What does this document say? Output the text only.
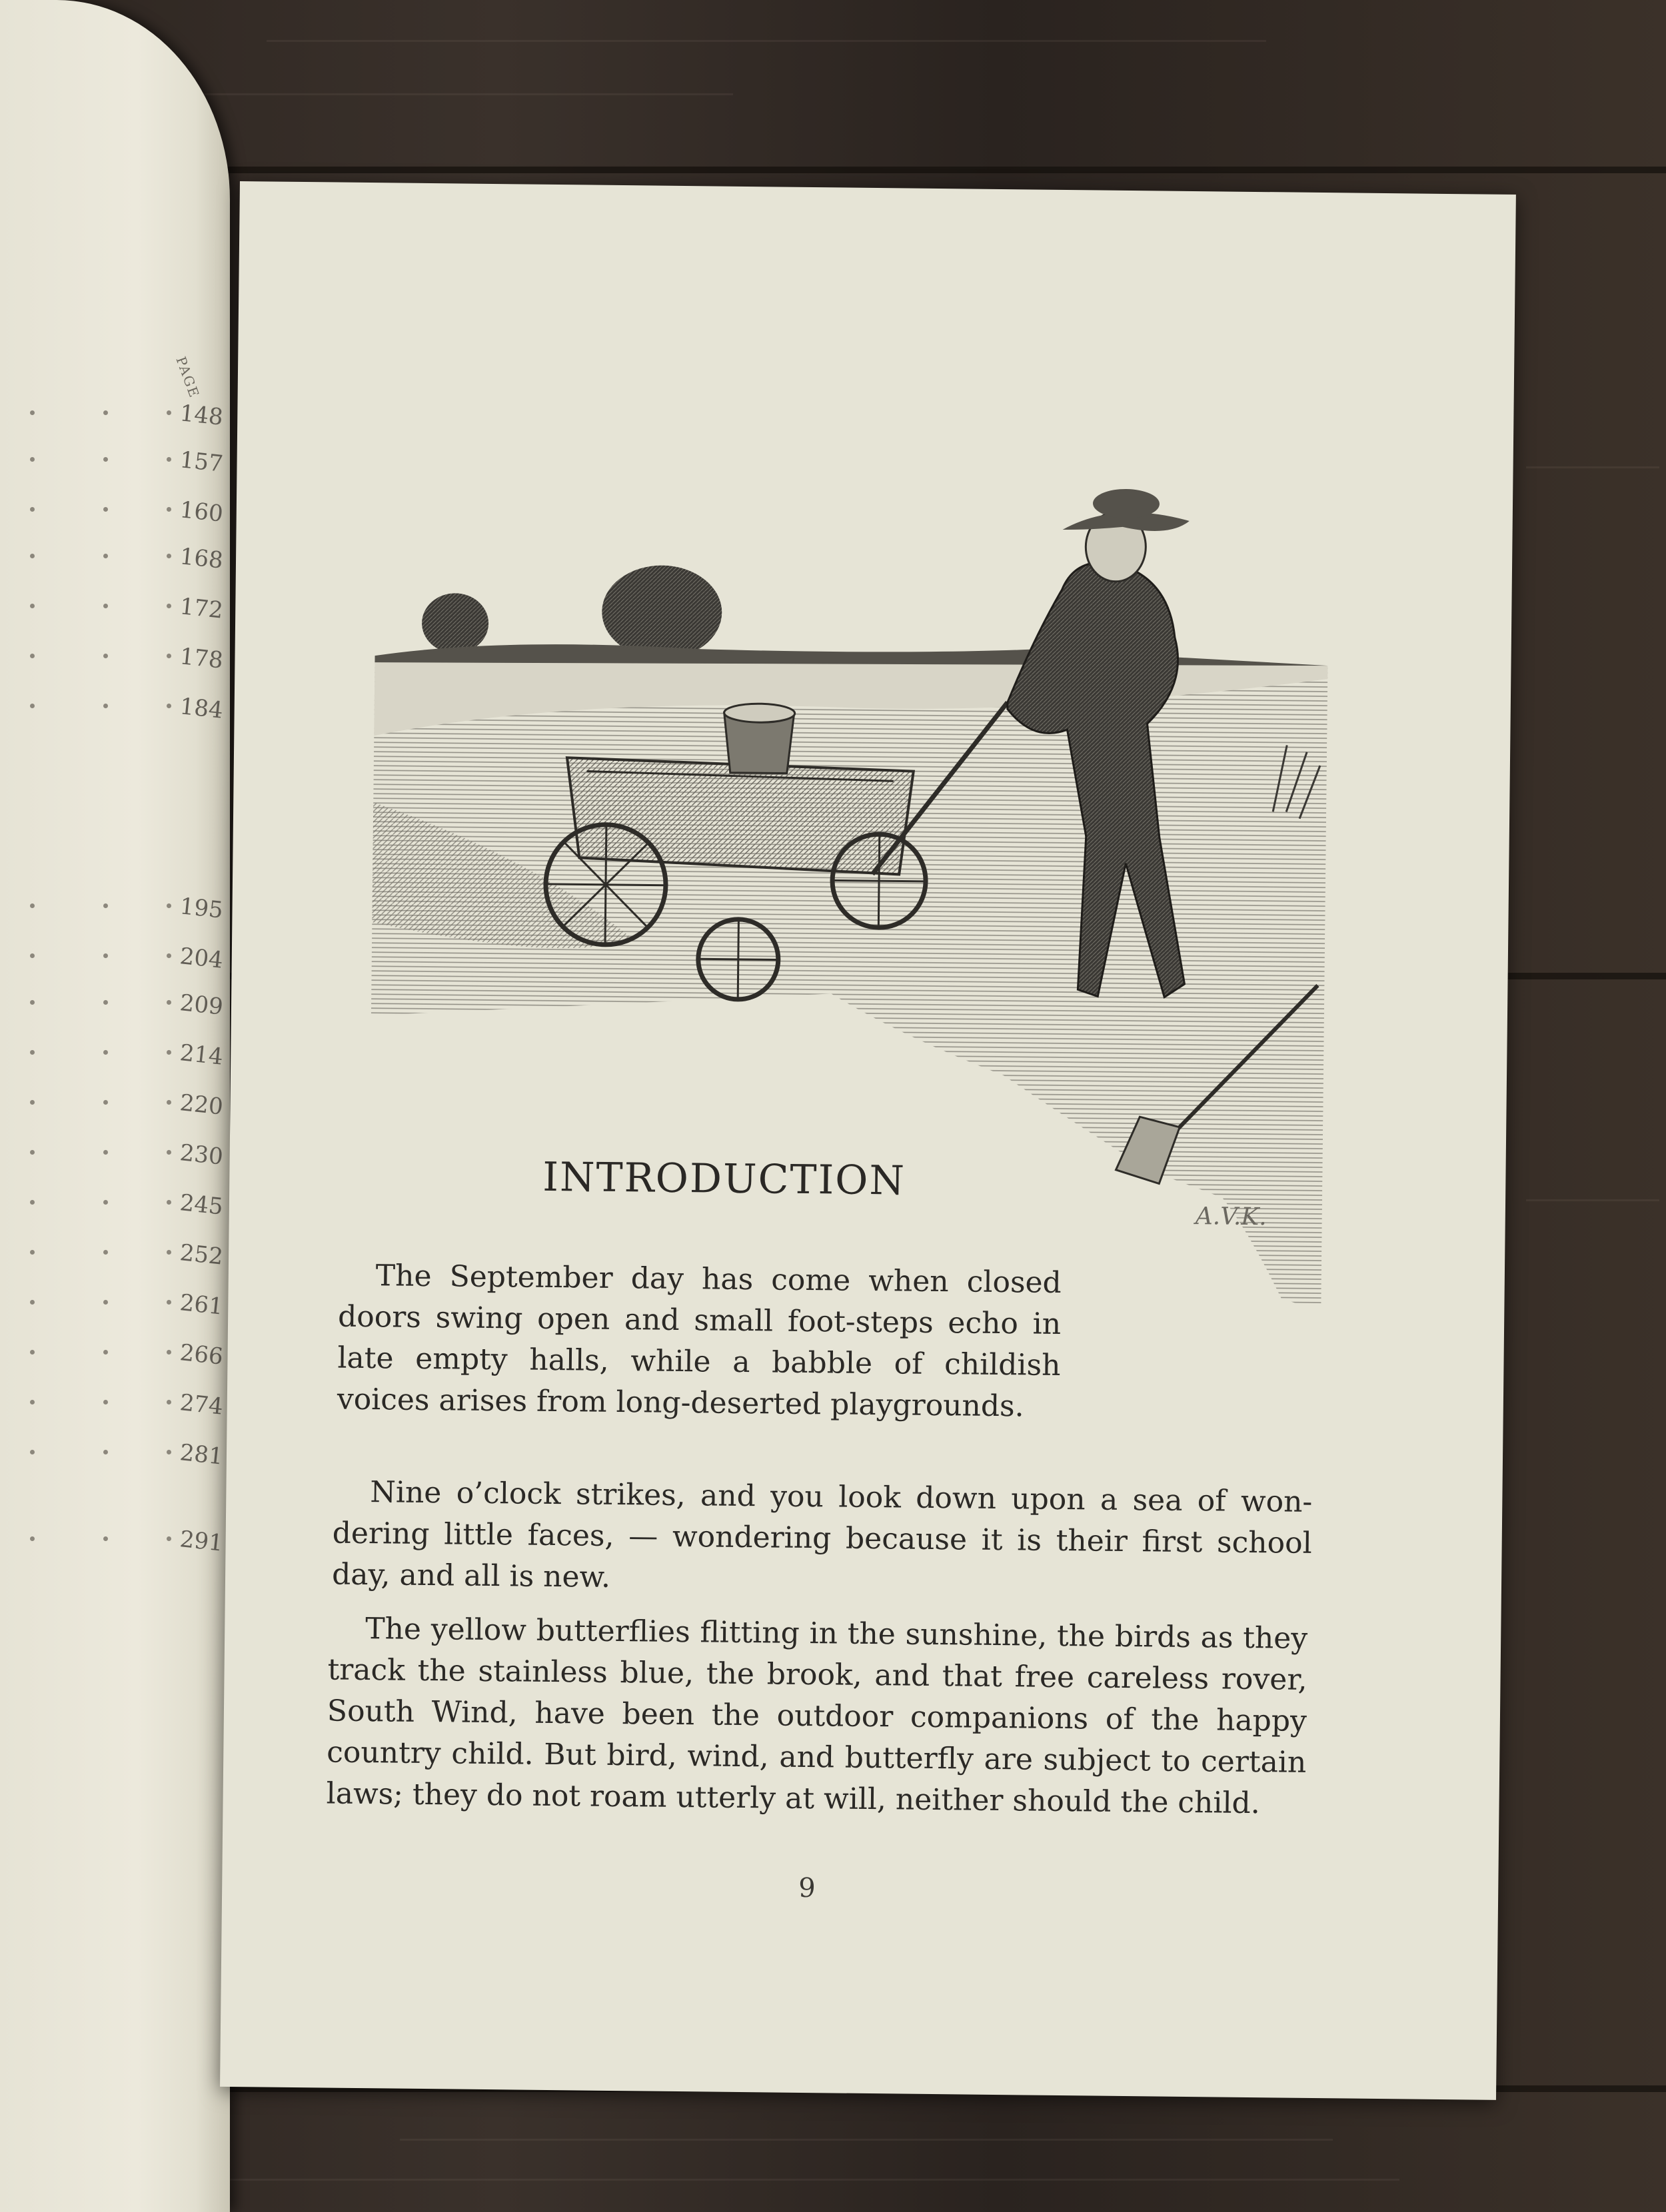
PAGE
148
157
160
168
172
178
184
195
204
209
214
220
230
245
252
261
266
274
281
291
A.V.K.
INTRODUCTION

The September day has come when closed doors swing open and small foot-steps echo in late empty halls, while a babble of childish voices arises from long-deserted playgrounds.

Nine o’clock strikes, and you look down upon a sea of won-dering little faces, — wondering because it is their first school day, and all is new.

The yellow butterflies flitting in the sunshine, the birds as they track the stainless blue, the brook, and that free careless rover, South Wind, have been the outdoor companions of the happy country child. But bird, wind, and butterfly are subject to certain laws; they do not roam utterly at will, neither should the child.

9
